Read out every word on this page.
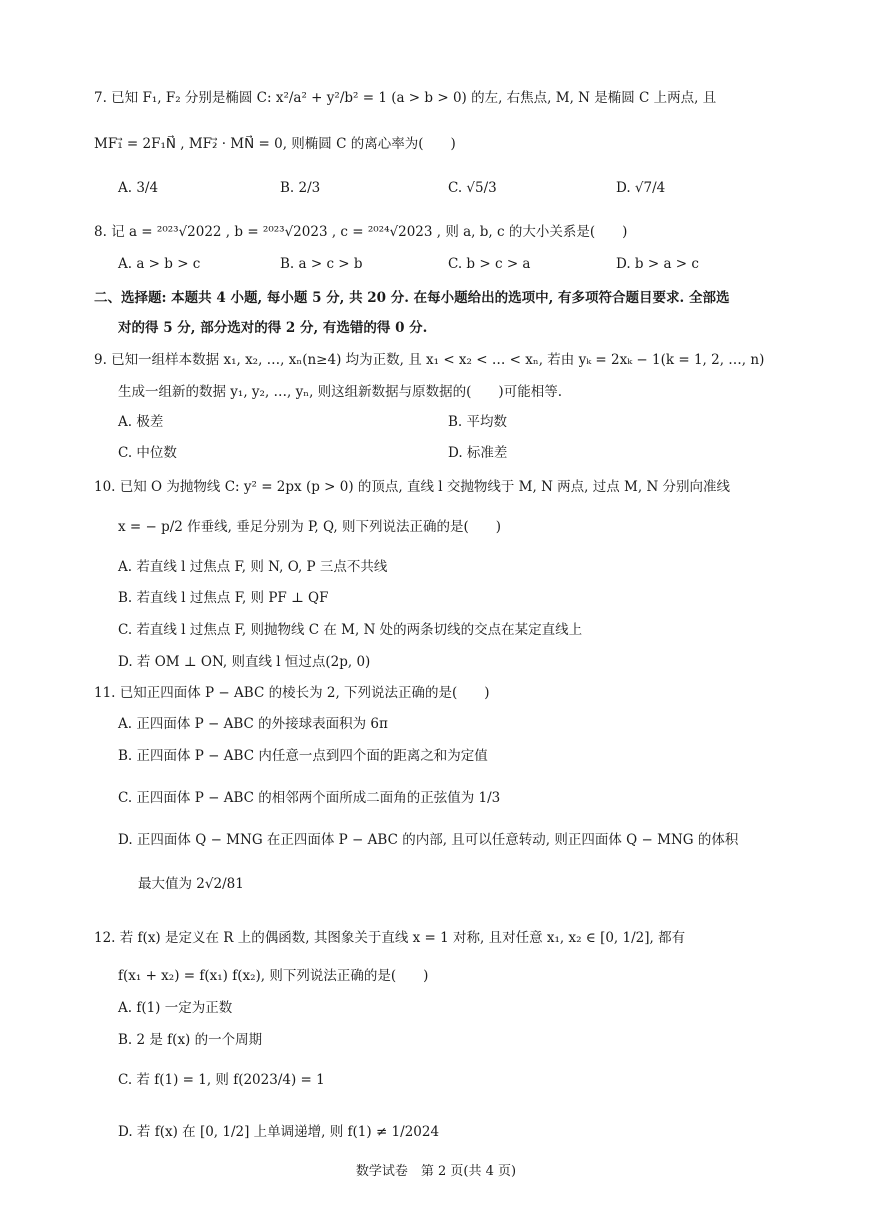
7. 已知 F₁, F₂ 分别是椭圆 C: x²/a² + y²/b² = 1 (a > b > 0) 的左, 右焦点, M, N 是椭圆 C 上两点, 且
MF₁⃗ = 2F₁N⃗ , MF₂⃗ · MN⃗ = 0, 则椭圆 C 的离心率为(　　)
A. 3/4	B. 2/3	C. √5/3	D. √7/4
8. 记 a = ²⁰²³√2022 , b = ²⁰²³√2023 , c = ²⁰²⁴√2023 , 则 a, b, c 的大小关系是(　　)
A. a > b > c	B. a > c > b	C. b > c > a	D. b > a > c
二、选择题: 本题共 4 小题, 每小题 5 分, 共 20 分. 在每小题给出的选项中, 有多项符合题目要求. 全部选
对的得 5 分, 部分选对的得 2 分, 有选错的得 0 分.
9. 已知一组样本数据 x₁, x₂, …, xₙ(n≥4) 均为正数, 且 x₁ < x₂ < … < xₙ, 若由 yₖ = 2xₖ − 1(k = 1, 2, …, n)
生成一组新的数据 y₁, y₂, …, yₙ, 则这组新数据与原数据的(　　)可能相等.
A. 极差	B. 平均数
C. 中位数	D. 标准差
10. 已知 O 为抛物线 C: y² = 2px (p > 0) 的顶点, 直线 l 交抛物线于 M, N 两点, 过点 M, N 分别向准线
x = − p/2 作垂线, 垂足分别为 P, Q, 则下列说法正确的是(　　)
A. 若直线 l 过焦点 F, 则 N, O, P 三点不共线
B. 若直线 l 过焦点 F, 则 PF ⊥ QF
C. 若直线 l 过焦点 F, 则抛物线 C 在 M, N 处的两条切线的交点在某定直线上
D. 若 OM ⊥ ON, 则直线 l 恒过点(2p, 0)
11. 已知正四面体 P − ABC 的棱长为 2, 下列说法正确的是(　　)
A. 正四面体 P − ABC 的外接球表面积为 6π
B. 正四面体 P − ABC 内任意一点到四个面的距离之和为定值
C. 正四面体 P − ABC 的相邻两个面所成二面角的正弦值为 1/3
D. 正四面体 Q − MNG 在正四面体 P − ABC 的内部, 且可以任意转动, 则正四面体 Q − MNG 的体积
最大值为 2√2/81
12. 若 f(x) 是定义在 R 上的偶函数, 其图象关于直线 x = 1 对称, 且对任意 x₁, x₂ ∈ [0, 1/2], 都有
f(x₁ + x₂) = f(x₁) f(x₂), 则下列说法正确的是(　　)
A. f(1) 一定为正数
B. 2 是 f(x) 的一个周期
C. 若 f(1) = 1, 则 f(2023/4) = 1
D. 若 f(x) 在 [0, 1/2] 上单调递增, 则 f(1) ≠ 1/2024
数学试卷　第 2 页(共 4 页)
